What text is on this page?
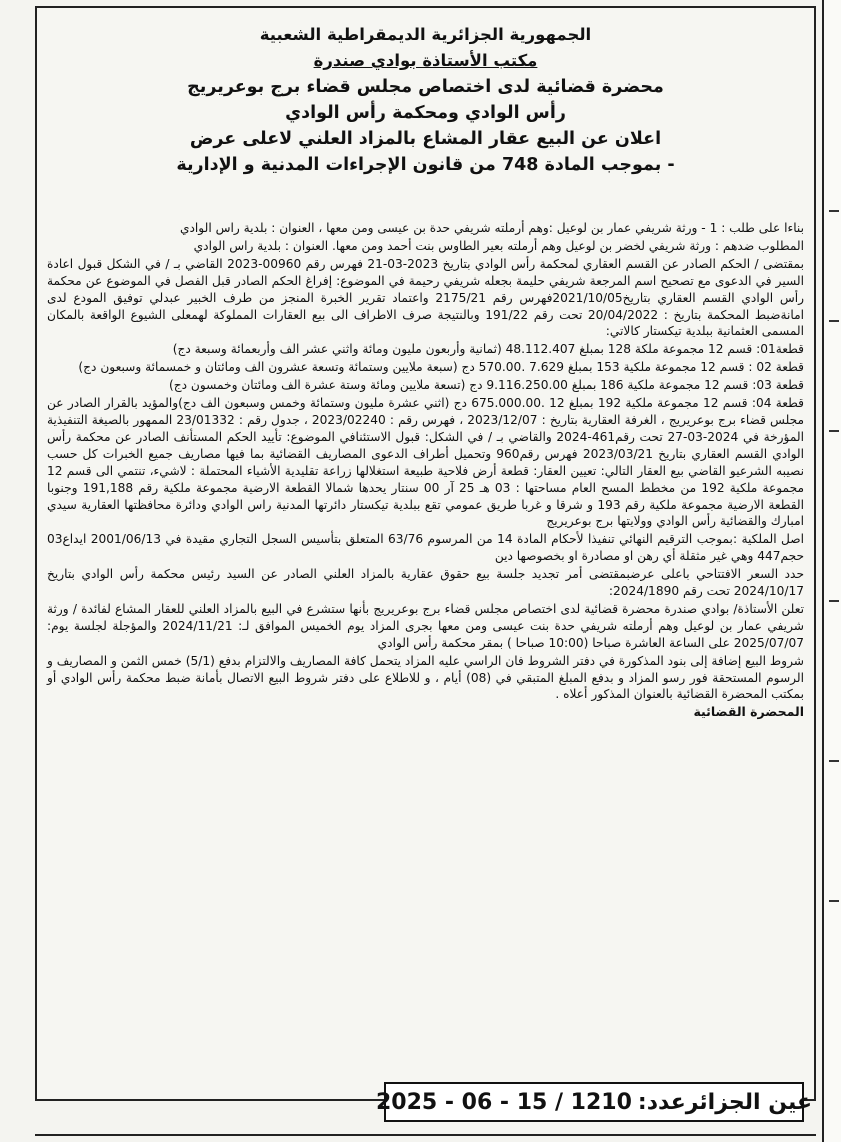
الجمهورية الجزائرية الديمقراطية الشعبية

مكتب الأستاذة بوادي صندرة

محضرة قضائية لدى اختصاص مجلس قضاء برج بوعريريج

رأس الوادي ومحكمة رأس الوادي

اعلان عن البيع عقار المشاع بالمزاد العلني لاعلى عرض

- بموجب المادة 748 من قانون الإجراءات المدنية و الإدارية

بناءا على طلب : 1 - ورثة شريفي عمار بن لوعيل :وهم أرملته شريفي حدة بن عيسى ومن معها ، العنوان : بلدية راس الوادي

المطلوب ضدهم : ورثة شريفي لخضر بن لوعيل وهم أرملته بعير الطاوس بنت أحمد ومن معها. العنوان : بلدية راس الوادي

بمقتضى / الحكم الصادر عن القسم العقاري لمحكمة رأس الوادي بتاريخ 2023-03-21 فهرس رقم 00960-2023 القاضي بـ / في الشكل قبول اعادة السير في الدعوى مع تصحيح اسم المرجعة شريفي حليمة بجعله شريفي رحيمة في الموضوع: إفراغ الحكم الصادر قبل الفصل في الموضوع عن محكمة رأس الوادي القسم العقاري بتاريخ2021/10/05فهرس رقم 2175/21 واعتماد تقرير الخبرة المنجز من طرف الخبير عبدلي توفيق المودع لدى امانةضبط المحكمة بتاريخ : 20/04/2022 تحت رقم 191/22 وبالنتيجة صرف الاطراف الى بيع العقارات المملوكة لهمعلى الشيوع الواقعة بالمكان المسمى العثمانية ببلدية تيكستار كالاتي:

قطعة01: قسم 12 مجموعة ملكة 128 بمبلغ 48.112.407 (ثمانية وأربعون مليون ومائة واثني عشر الف وأربعمائة وسبعة دج)

قطعة 02 : قسم 12 مجموعة ملكية 153 بمبلغ 7.629 .570.00 دج (سبعة ملايين وستمائة وتسعة عشرون الف ومائتان و خمسمائة وسبعون دج)

قطعة 03: قسم 12 مجموعة ملكية 186 بمبلغ 9.116.250.00 دج (تسعة ملايين ومائة وستة عشرة الف ومائتان وخمسون دج)

قطعة 04: قسم 12 مجموعة ملكية 192 بمبلغ 12 .675.000.00 دج (اثني عشرة مليون وستمائة وخمس وسبعون الف دج)والمؤيد بالقرار الصادر عن مجلس قضاء برج بوعريريج ، الغرفة العقارية بتاريخ : 2023/12/07 ، فهرس رقم : 2023/02240 ، جدول رقم : 23/01332 الممهور بالصيغة التنفيذية المؤرخة في 2024-03-27 تحت رقم461-2024 والقاضي بـ / في الشكل: قبول الاستئنافي الموضوع: تأييد الحكم المستأنف الصادر عن محكمة رأس الوادي القسم العقاري بتاريخ 2023/03/21 فهرس رقم960 وتحميل أطراف الدعوى المصاريف القضائية بما فيها مصاريف جميع الخبرات كل حسب نصيبه الشرعيو القاضي بيع العقار التالي: تعيين العقار: قطعة أرض فلاحية طبيعة استغلالها زراعة تقليدية الأشياء المحتملة : لاشيء، تنتمي الى قسم 12 مجموعة ملكية 192 من مخطط المسح العام مساحتها : 03 هـ 25 آر 00 سنتار يحدها شمالا القطعة الارضية مجموعة ملكية رقم 191,188 وجنوبا القطعة الارضية مجموعة ملكية رقم 193 و شرقا و غربا طريق عمومي تقع ببلدية تيكستار دائرتها المدنية راس الوادي ودائرة محافظتها العقارية سيدي امبارك والقضائية رأس الوادي وولايتها برج بوعريريج

اصل الملكية :بموجب الترقيم النهائي تنفيذا لأحكام المادة 14 من المرسوم 63/76 المتعلق بتأسيس السجل التجاري مقيدة في 2001/06/13 ايداع03 حجم447 وهي غير مثقلة أي رهن او مصادرة او بخصوصها دين

حدد السعر الافتتاحي باعلى عرضبمقتضى أمر تجديد جلسة بيع حقوق عقارية بالمزاد العلني الصادر عن السيد رئيس محكمة رأس الوادي بتاريخ 2024/10/17 تحت رقم 2024/1890:

تعلن الأستاذة/ بوادي صندرة محضرة قضائية لدى اختصاص مجلس قضاء برج بوعريريج بأنها ستشرع في البيع بالمزاد العلني للعقار المشاع لفائدة / ورثة شريفي عمار بن لوعيل وهم أرملته شريفي حدة بنت عيسى ومن معها بجرى المزاد يوم الخميس الموافق لـ: 2024/11/21 والمؤجلة لجلسة يوم: 2025/07/07 على الساعة العاشرة صباحا (10:00 صباحا ) بمقر محكمة رأس الوادي

شروط البيع إضافة إلى بنود المذكورة في دفتر الشروط فان الراسي عليه المزاد يتحمل كافة المصاريف والالتزام بدفع (5/1) خمس الثمن و المصاريف و الرسوم المستحقة فور رسو المزاد و بدفع المبلغ المتبقي في (08) أيام ، و للاطلاع على دفتر شروط البيع الاتصال بأمانة ضبط محكمة رأس الوادي أو بمكتب المحضرة القضائية بالعنوان المذكور أعلاه .

المحضرة القضائية

عين الجزائرعدد:
2025 - 06 - 15 / 1210
